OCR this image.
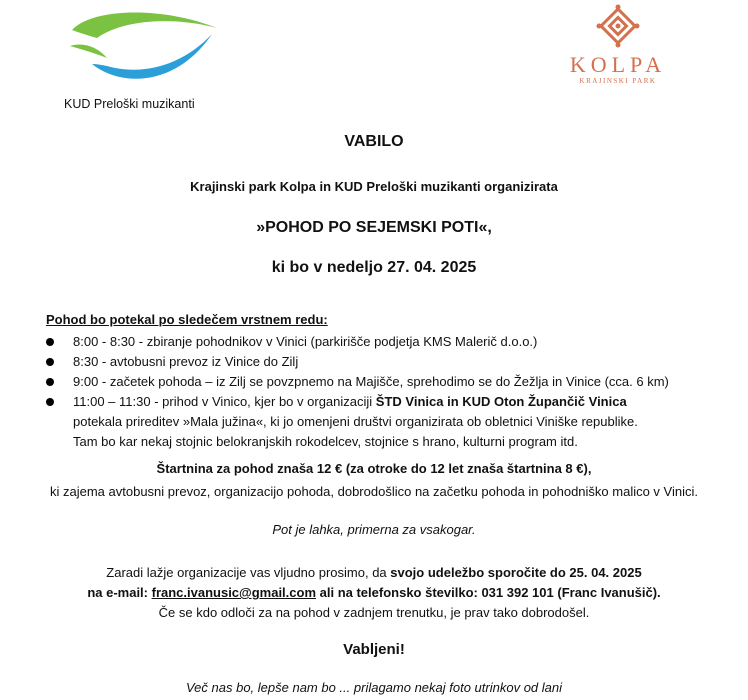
KUD Preloški muzikanti
KOLPA
KRAJINSKI PARK
VABILO
Krajinski park Kolpa in KUD Preloški muzikanti organizirata
»POHOD PO SEJEMSKI POTI«,
ki bo v nedeljo 27. 04. 2025
Pohod bo potekal po sledečem vrstnem redu:
8:00 - 8:30 - zbiranje pohodnikov v Vinici (parkirišče podjetja KMS Malerič d.o.o.)
8:30 - avtobusni prevoz iz Vinice do Zilj
9:00 - začetek pohoda – iz Zilj se povzpnemo na Majišče, sprehodimo se do Žežlja in Vinice (cca. 6 km)
11:00 – 11:30 - prihod v Vinico, kjer bo v organizaciji ŠTD Vinica in KUD Oton Župančič Vinica
potekala prireditev »Mala južina«, ki jo omenjeni društvi organizirata ob obletnici Viniške republike.
Tam bo kar nekaj stojnic belokranjskih rokodelcev, stojnice s hrano, kulturni program itd.
Štartnina za pohod znaša 12 € (za otroke do 12 let znaša štartnina 8 €),
ki zajema avtobusni prevoz, organizacijo pohoda, dobrodošlico na začetku pohoda in pohodniško malico v Vinici.
Pot je lahka, primerna za vsakogar.
Zaradi lažje organizacije vas vljudno prosimo, da svojo udeležbo sporočite do 25. 04. 2025
na e-mail: franc.ivanusic@gmail.com ali na telefonsko številko: 031 392 101 (Franc Ivanušič).
Če se kdo odloči za na pohod v zadnjem trenutku, je prav tako dobrodošel.
Vabljeni!
Več nas bo, lepše nam bo ... prilagamo nekaj foto utrinkov od lani
